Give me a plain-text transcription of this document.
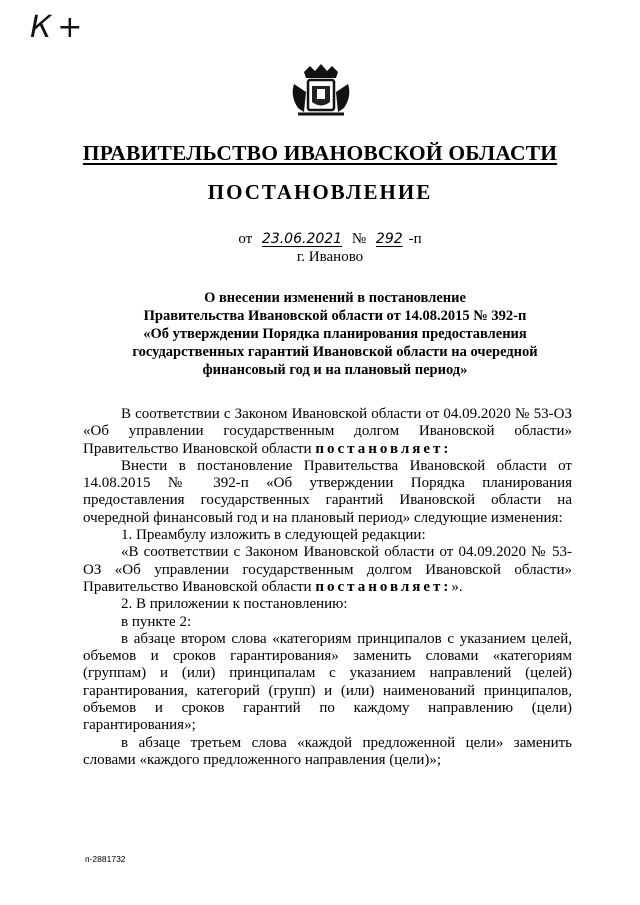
К+
ПРАВИТЕЛЬСТВО ИВАНОВСКОЙ ОБЛАСТИ
ПОСТАНОВЛЕНИЕ
от 23.06.2021 № 292 -п
г. Иваново
О внесении изменений в постановление
Правительства Ивановской области от 14.08.2015 № 392-п
«Об утверждении Порядка планирования предоставления
государственных гарантий Ивановской области на очередной
финансовый год и на плановый период»

В соответствии с Законом Ивановской области от 04.09.2020 № 53-ОЗ «Об управлении государственным долгом Ивановской области» Правительство Ивановской области постановляет:

Внести в постановление Правительства Ивановской области от 14.08.2015 № 392-п «Об утверждении Порядка планирования предоставления государственных гарантий Ивановской области на очередной финансовый год и на плановый период» следующие изменения:

1. Преамбулу изложить в следующей редакции:

«В соответствии с Законом Ивановской области от 04.09.2020 № 53-ОЗ «Об управлении государственным долгом Ивановской области» Правительство Ивановской области постановляет:».

2. В приложении к постановлению:

в пункте 2:

в абзаце втором слова «категориям принципалов с указанием целей, объемов и сроков гарантирования» заменить словами «категориям (группам) и (или) принципалам с указанием направлений (целей) гарантирования, категорий (групп) и (или) наименований принципалов, объемов и сроков гарантий по каждому направлению (цели) гарантирования»;

в абзаце третьем слова «каждой предложенной цели» заменить словами «каждого предложенного направления (цели)»;

п-2881732
